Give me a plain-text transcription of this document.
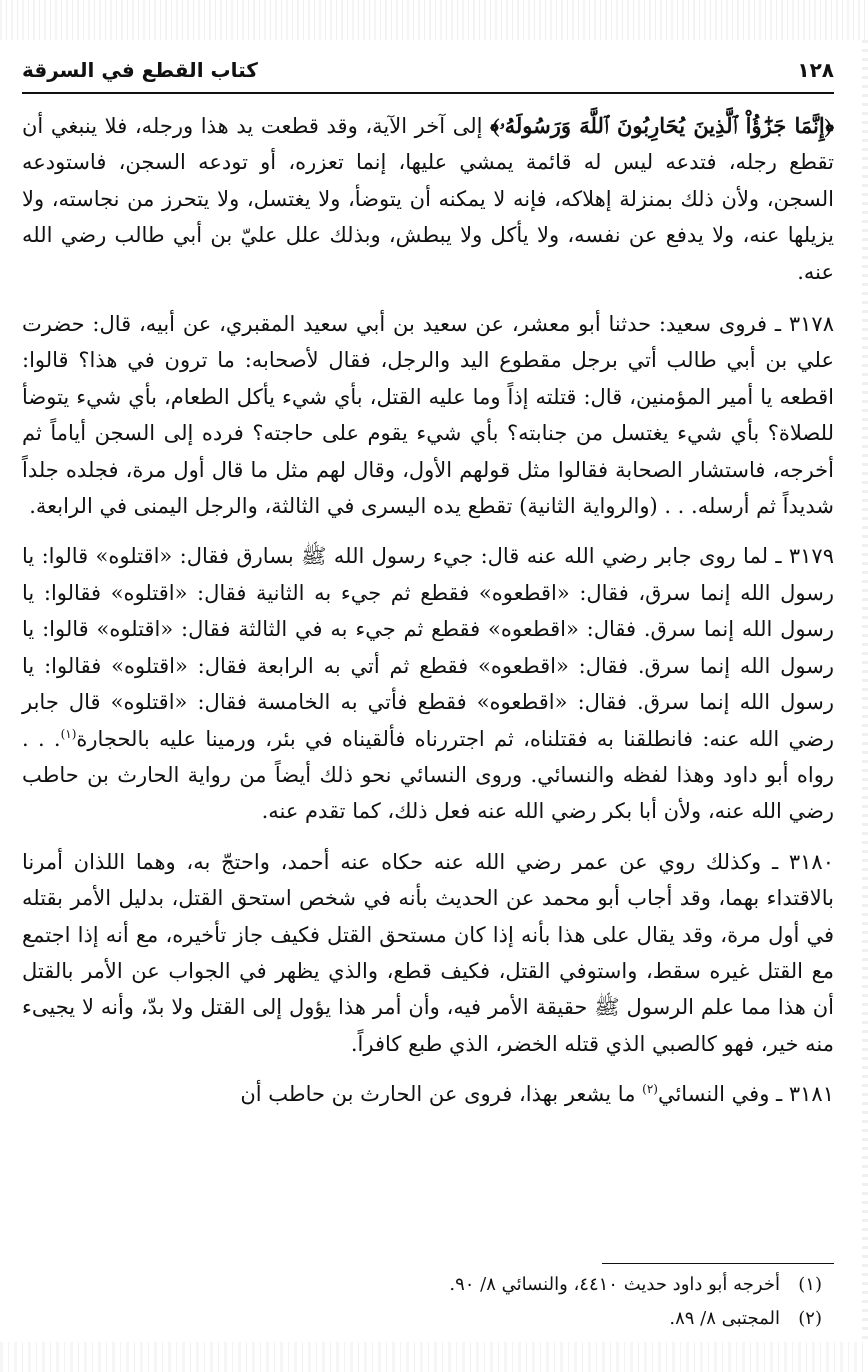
١٢٨
كتاب القطع في السرقة

﴿إِنَّمَا جَزَٰٓؤُاْ ٱلَّذِينَ يُحَارِبُونَ ٱللَّهَ وَرَسُولَهُۥ﴾ إلى آخر الآية، وقد قطعت يد هذا ورجله، فلا ينبغي أن تقطع رجله، فتدعه ليس له قائمة يمشي عليها، إنما تعزره، أو تودعه السجن، فاستودعه السجن، ولأن ذلك بمنزلة إهلاكه، فإنه لا يمكنه أن يتوضأ، ولا يغتسل، ولا يتحرز من نجاسته، ولا يزيلها عنه، ولا يدفع عن نفسه، ولا يأكل ولا يبطش، وبذلك علل عليّ بن أبي طالب رضي الله عنه.

٣١٧٨ ـ فروى سعيد: حدثنا أبو معشر، عن سعيد بن أبي سعيد المقبري، عن أبيه، قال: حضرت علي بن أبي طالب أتي برجل مقطوع اليد والرجل، فقال لأصحابه: ما ترون في هذا؟ قالوا: اقطعه يا أمير المؤمنين، قال: قتلته إذاً وما عليه القتل، بأي شيء يأكل الطعام، بأي شيء يتوضأ للصلاة؟ بأي شيء يغتسل من جنابته؟ بأي شيء يقوم على حاجته؟ فرده إلى السجن أياماً ثم أخرجه، فاستشار الصحابة فقالوا مثل قولهم الأول، وقال لهم مثل ما قال أول مرة، فجلده جلداً شديداً ثم أرسله. . . (والرواية الثانية) تقطع يده اليسرى في الثالثة، والرجل اليمنى في الرابعة.

٣١٧٩ ـ لما روى جابر رضي الله عنه قال: جيء رسول الله ﷺ بسارق فقال: «اقتلوه» قالوا: يا رسول الله إنما سرق، فقال: «اقطعوه» فقطع ثم جيء به الثانية فقال: «اقتلوه» فقالوا: يا رسول الله إنما سرق. فقال: «اقطعوه» فقطع ثم جيء به في الثالثة فقال: «اقتلوه» قالوا: يا رسول الله إنما سرق. فقال: «اقطعوه» فقطع ثم أتي به الرابعة فقال: «اقتلوه» فقالوا: يا رسول الله إنما سرق. فقال: «اقطعوه» فقطع فأتي به الخامسة فقال: «اقتلوه» قال جابر رضي الله عنه: فانطلقنا به فقتلناه، ثم اجتررناه فألقيناه في بئر، ورمينا عليه بالحجارة$^{(١)}$. . . رواه أبو داود وهذا لفظه والنسائي. وروى النسائي نحو ذلك أيضاً من رواية الحارث بن حاطب رضي الله عنه، ولأن أبا بكر رضي الله عنه فعل ذلك، كما تقدم عنه.

٣١٨٠ ـ وكذلك روي عن عمر رضي الله عنه حكاه عنه أحمد، واحتجّ به، وهما اللذان أمرنا بالاقتداء بهما، وقد أجاب أبو محمد عن الحديث بأنه في شخص استحق القتل، بدليل الأمر بقتله في أول مرة، وقد يقال على هذا بأنه إذا كان مستحق القتل فكيف جاز تأخيره، مع أنه إذا اجتمع مع القتل غيره سقط، واستوفي القتل، فكيف قطع، والذي يظهر في الجواب عن الأمر بالقتل أن هذا مما علم الرسول ﷺ حقيقة الأمر فيه، وأن أمر هذا يؤول إلى القتل ولا بدّ، وأنه لا يجيىء منه خير، فهو كالصبي الذي قتله الخضر، الذي طبع كافراً.

٣١٨١ ـ وفي النسائي$^{(٢)}$ ما يشعر بهذا، فروى عن الحارث بن حاطب أن

(١)أخرجه أبو داود حديث ٤٤١٠، والنسائي ٨/ ٩٠.
(٢)المجتبى ٨/ ٨٩.
